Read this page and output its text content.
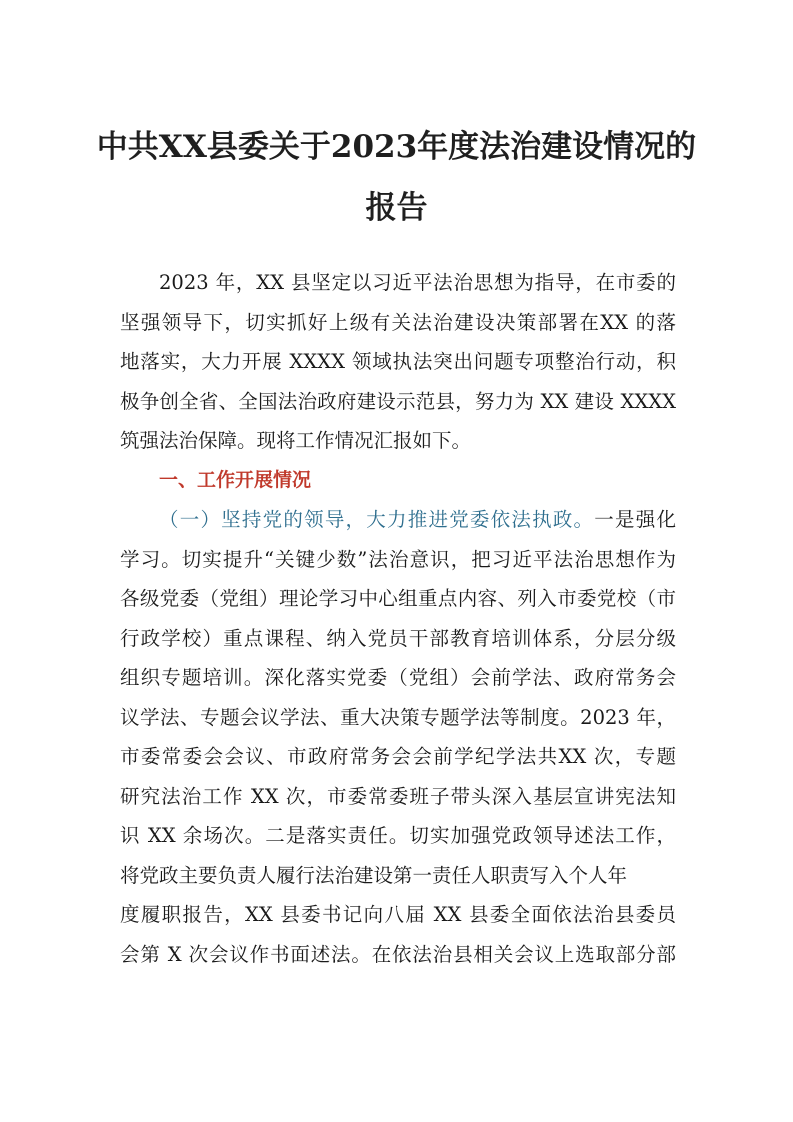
中共XX县委关于2023年度法治建设情况的
报告
2023 年，XX 县坚定以习近平法治思想为指导，在市委的
坚强领导下，切实抓好上级有关法治建设决策部署在XX 的落
地落实，大力开展 XXXX 领域执法突出问题专项整治行动，积
极争创全省、全国法治政府建设示范县，努力为 XX 建设 XXXX
筑强法治保障。现将工作情况汇报如下。
一、工作开展情况
（一）坚持党的领导，大力推进党委依法执政。一是强化
学习。切实提升“关键少数”法治意识，把习近平法治思想作为
各级党委（党组）理论学习中心组重点内容、列入市委党校（市
行政学校）重点课程、纳入党员干部教育培训体系，分层分级
组织专题培训。深化落实党委（党组）会前学法、政府常务会
议学法、专题会议学法、重大决策专题学法等制度。2023 年，
市委常委会会议、市政府常务会会前学纪学法共XX 次，专题
研究法治工作 XX 次，市委常委班子带头深入基层宣讲宪法知
识 XX 余场次。二是落实责任。切实加强党政领导述法工作，
将党政主要负责人履行法治建设第一责任人职责写入个人年
度履职报告，XX 县委书记向八届 XX 县委全面依法治县委员
会第 X 次会议作书面述法。在依法治县相关会议上选取部分部
